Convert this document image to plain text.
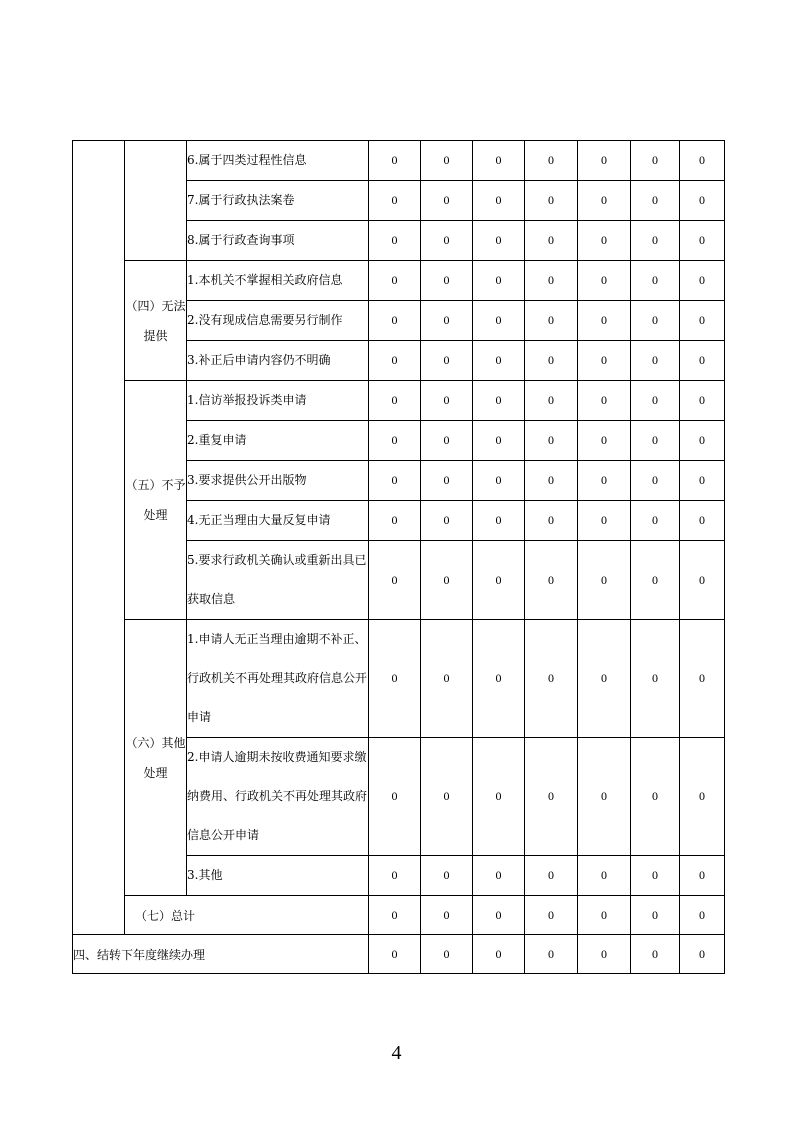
		6.属于四类过程性信息	0	0	0	0	0	0	0
		7.属于行政执法案卷	0	0	0	0	0	0	0
		8.属于行政查询事项	0	0	0	0	0	0	0
	（四）无法提供	1.本机关不掌握相关政府信息	0	0	0	0	0	0	0
		2.没有现成信息需要另行制作	0	0	0	0	0	0	0
		3.补正后申请内容仍不明确	0	0	0	0	0	0	0
	（五）不予处理	1.信访举报投诉类申请	0	0	0	0	0	0	0
		2.重复申请	0	0	0	0	0	0	0
		3.要求提供公开出版物	0	0	0	0	0	0	0
		4.无正当理由大量反复申请	0	0	0	0	0	0	0
		5.要求行政机关确认或重新出具已获取信息	0	0	0	0	0	0	0
	（六）其他处理	1.申请人无正当理由逾期不补正、行政机关不再处理其政府信息公开申请	0	0	0	0	0	0	0
		2.申请人逾期未按收费通知要求缴纳费用、行政机关不再处理其政府信息公开申请	0	0	0	0	0	0	0
		3.其他	0	0	0	0	0	0	0
	（七）总计		0	0	0	0	0	0	0
四、结转下年度继续办理			0	0	0	0	0	0	0
4
